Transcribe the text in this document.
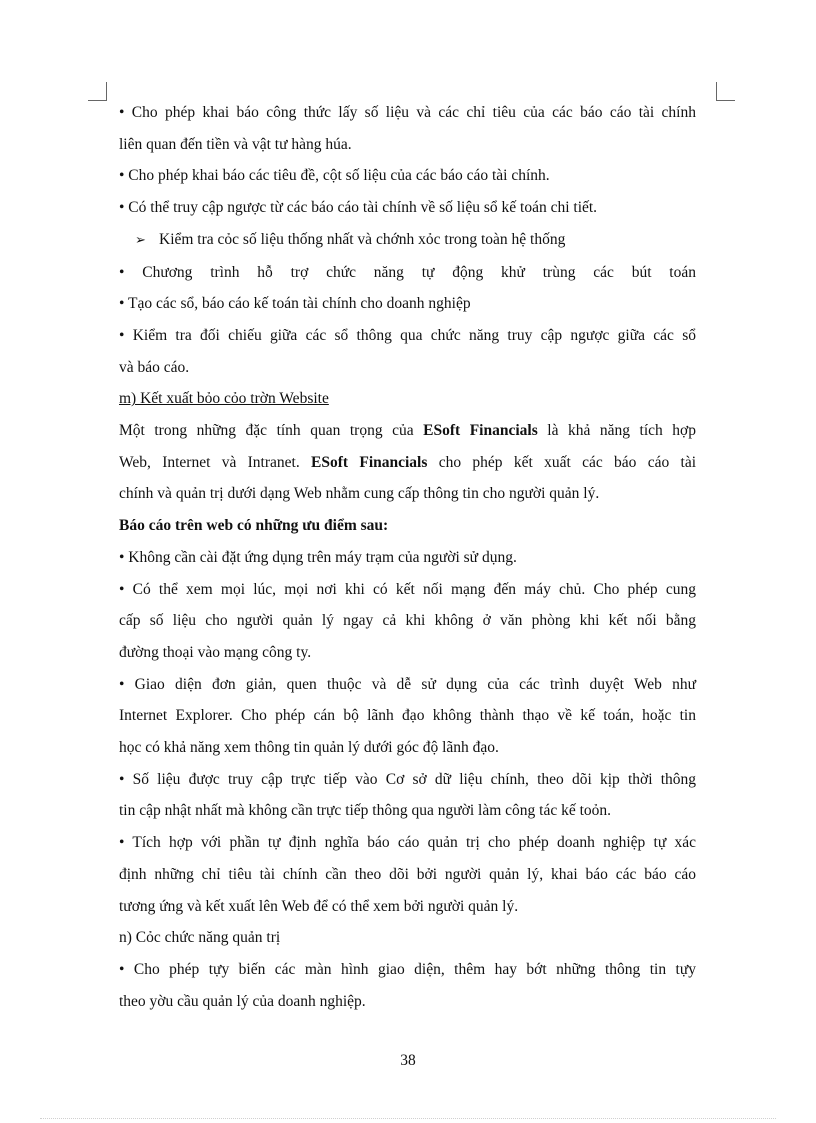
• Cho phép khai báo công thức lấy số liệu và các chỉ tiêu của các báo cáo tài chính
liên quan đến tiền và vật tư hàng húa.
• Cho phép khai báo các tiêu đề, cột số liệu của các báo cáo tài chính.
• Có thể truy cập ngược từ các báo cáo tài chính về số liệu sổ kế toán chi tiết.
➢ Kiểm tra cỏc số liệu thống nhất và chớnh xỏc trong toàn hệ thống
• Chương trình hỗ trợ chức năng tự động khử trùng các bút toán
• Tạo các sổ, báo cáo kế toán tài chính cho doanh nghiệp
• Kiểm tra đối chiếu giữa các sổ thông qua chức năng truy cập ngược giữa các sổ
và báo cáo.
m) Kết xuất bỏo cỏo trờn Website
Một trong những đặc tính quan trọng của ESoft Financials là khả năng tích hợp
Web, Internet và Intranet. ESoft Financials cho phép kết xuất các báo cáo tài
chính và quản trị dưới dạng Web nhằm cung cấp thông tin cho người quản lý.
Báo cáo trên web có những ưu điểm sau:
• Không cần cài đặt ứng dụng trên máy trạm của người sử dụng.
• Có thể xem mọi lúc, mọi nơi khi có kết nối mạng đến máy chủ. Cho phép cung
cấp số liệu cho người quản lý ngay cả khi không ở văn phòng khi kết nối bằng
đường thoại vào mạng công ty.
• Giao diện đơn giản, quen thuộc và dễ sử dụng của các trình duyệt Web như
Internet Explorer. Cho phép cán bộ lãnh đạo không thành thạo về kế toán, hoặc tin
học có khả năng xem thông tin quản lý dưới góc độ lãnh đạo.
• Số liệu được truy cập trực tiếp vào Cơ sở dữ liệu chính, theo dõi kịp thời thông
tin cập nhật nhất mà không cần trực tiếp thông qua người làm công tác kế toỏn.
• Tích hợp với phần tự định nghĩa báo cáo quản trị cho phép doanh nghiệp tự xác
định những chỉ tiêu tài chính cần theo dõi bởi người quản lý, khai báo các báo cáo
tương ứng và kết xuất lên Web để có thể xem bởi người quản lý.
n) Cỏc chức năng quản trị
• Cho phép tựy biến các màn hình giao diện, thêm hay bớt những thông tin tựy
theo yờu cầu quản lý của doanh nghiệp.
38
